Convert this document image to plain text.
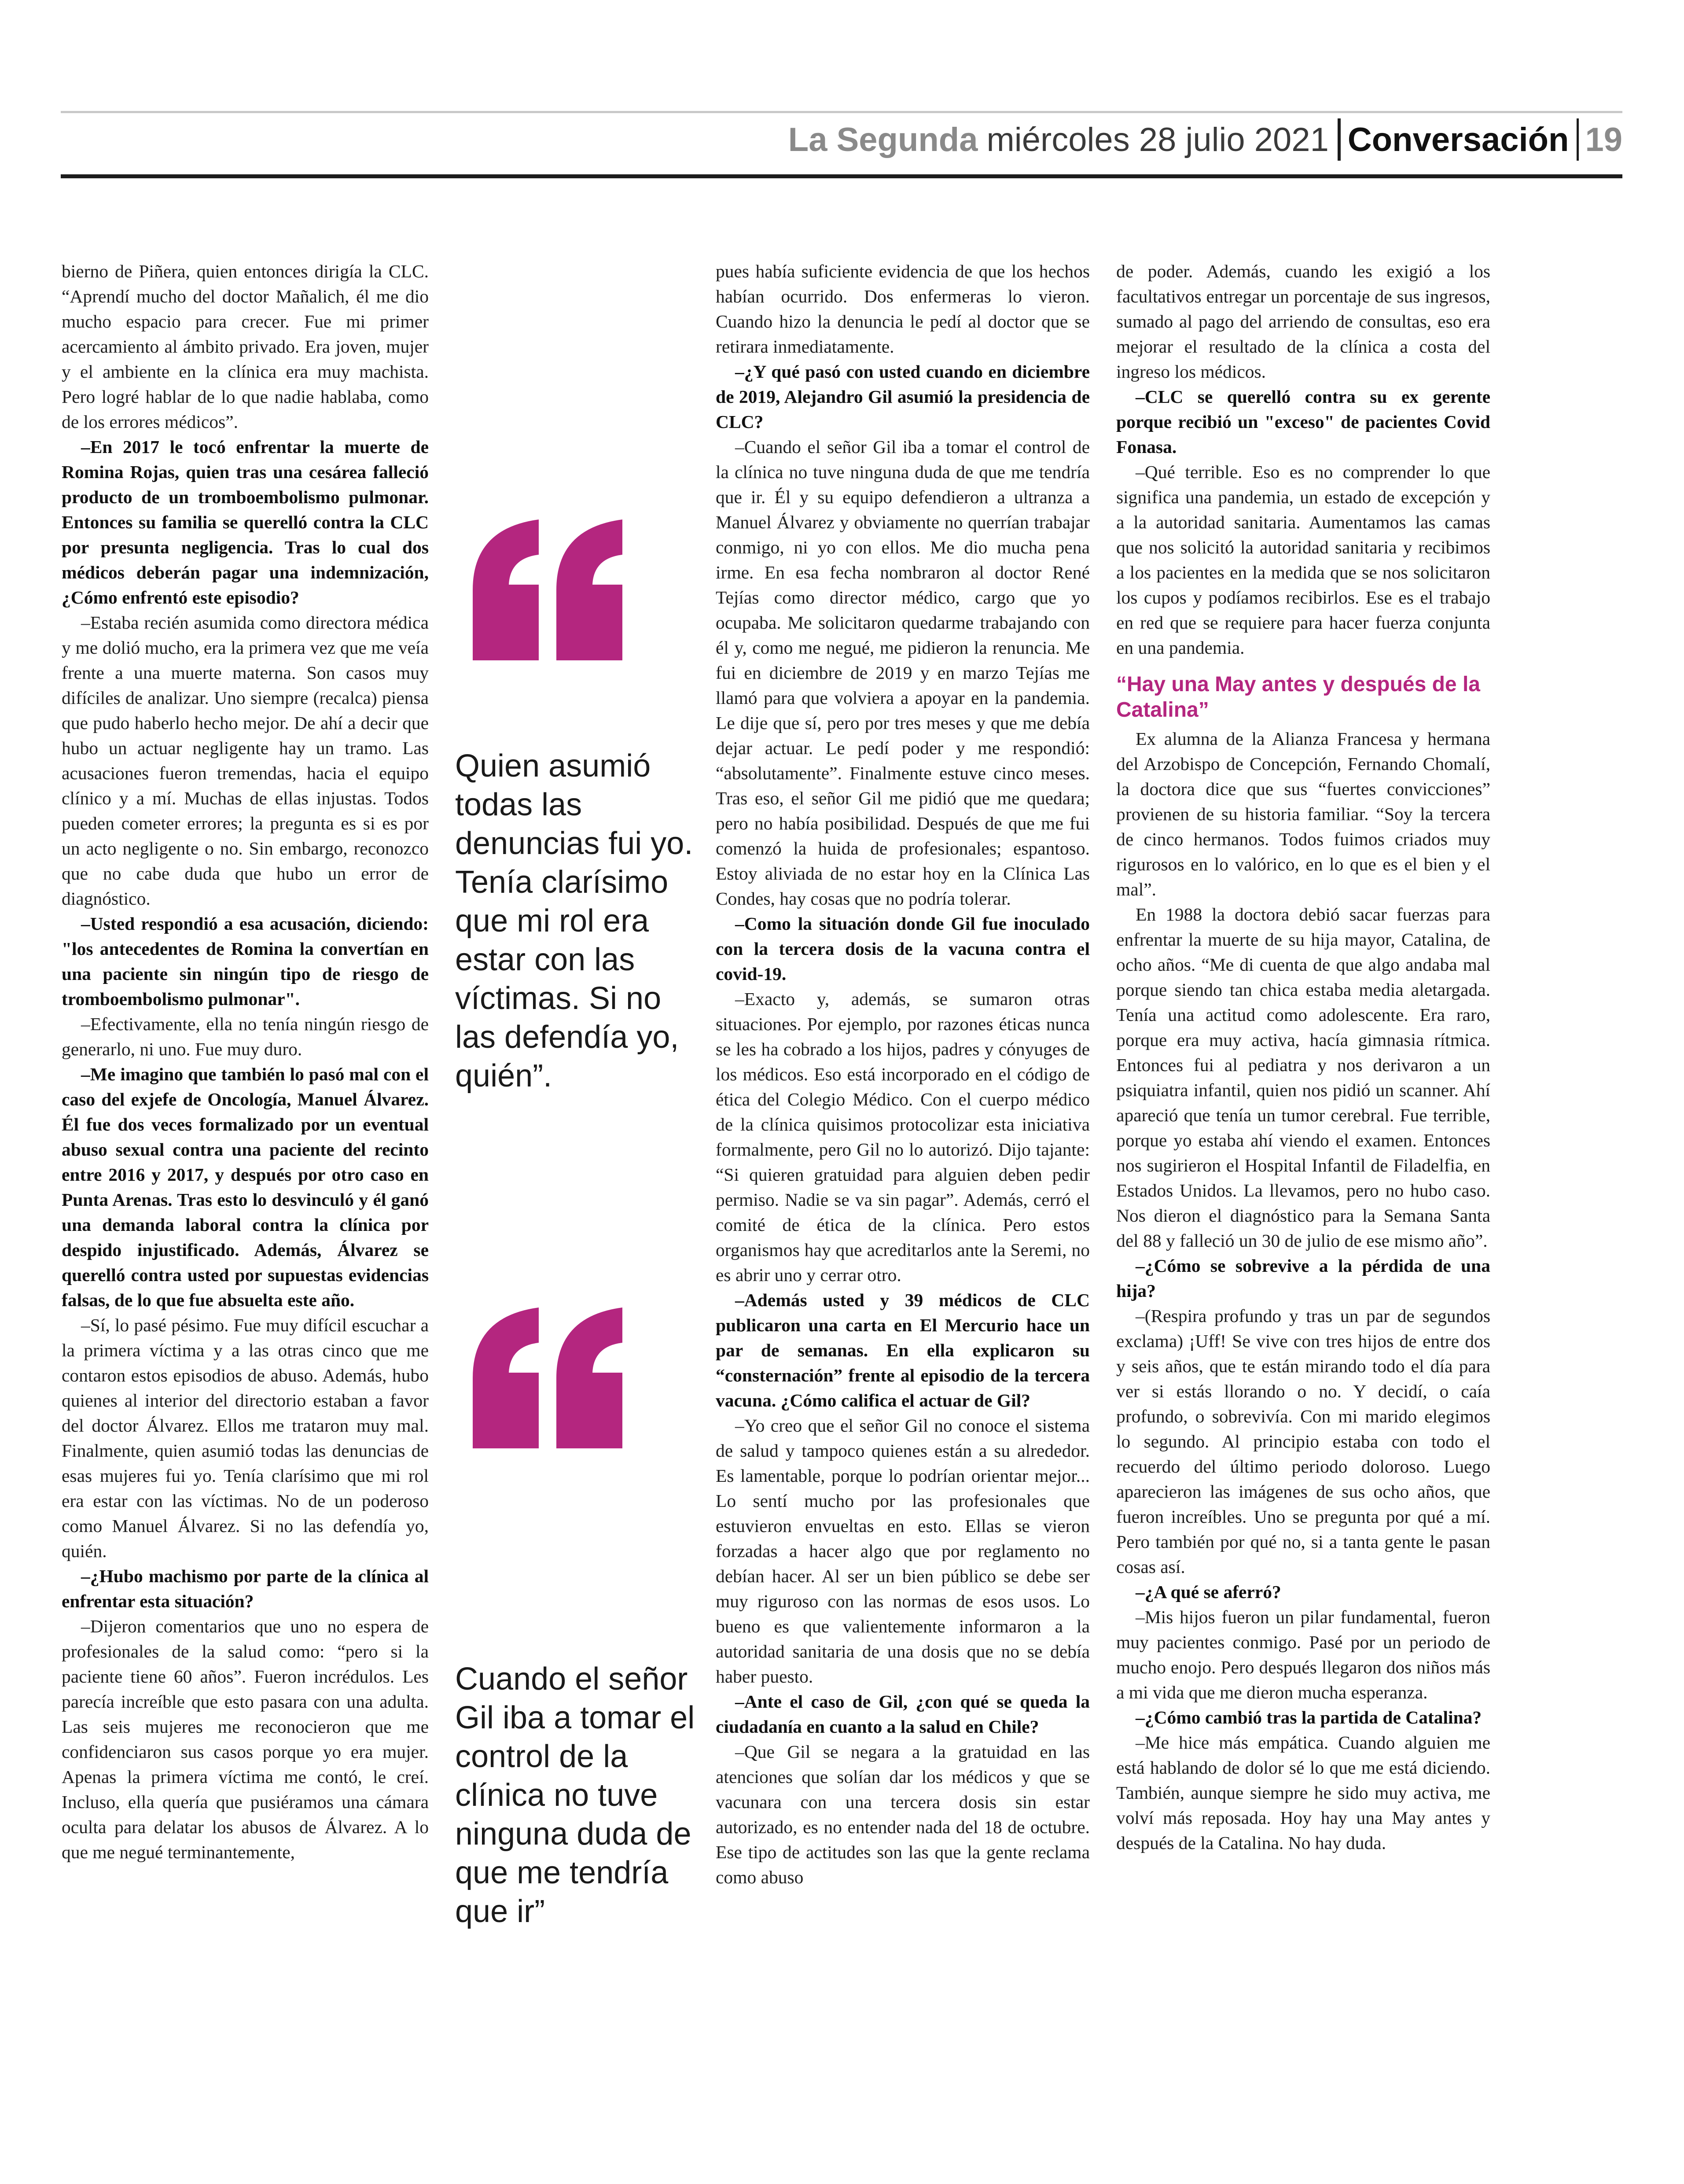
La Segunda miércoles 28 julio 2021 Conversación 19

bierno de Piñera, quien entonces dirigía la CLC. “Aprendí mucho del doctor Mañalich, él me dio mucho espacio para crecer. Fue mi primer acercamiento al ámbito privado. Era joven, mujer y el ambiente en la clínica era muy machista. Pero logré hablar de lo que nadie hablaba, como de los errores médicos”.

–En 2017 le tocó enfrentar la muerte de Romina Rojas, quien tras una cesárea falleció producto de un tromboembolismo pulmonar. Entonces su familia se querelló contra la CLC por presunta negligencia. Tras lo cual dos médicos deberán pagar una indemnización, ¿Cómo enfrentó este episodio?

–Estaba recién asumida como directora médica y me dolió mucho, era la primera vez que me veía frente a una muerte materna. Son casos muy difíciles de analizar. Uno siempre (recalca) piensa que pudo haberlo hecho mejor. De ahí a decir que hubo un actuar negligente hay un tramo. Las acusaciones fueron tremendas, hacia el equipo clínico y a mí. Muchas de ellas injustas. Todos pueden cometer errores; la pregunta es si es por un acto negligente o no. Sin embargo, reconozco que no cabe duda que hubo un error de diagnóstico.

–Usted respondió a esa acusación, diciendo: "los antecedentes de Romina la convertían en una paciente sin ningún tipo de riesgo de tromboembolismo pulmonar".

–Efectivamente, ella no tenía ningún riesgo de generarlo, ni uno. Fue muy duro.

–Me imagino que también lo pasó mal con el caso del exjefe de Oncología, Manuel Álvarez. Él fue dos veces formalizado por un eventual abuso sexual contra una paciente del recinto entre 2016 y 2017, y después por otro caso en Punta Arenas. Tras esto lo desvinculó y él ganó una demanda laboral contra la clínica por despido injustificado. Además, Álvarez se querelló contra usted por supuestas evidencias falsas, de lo que fue absuelta este año.

–Sí, lo pasé pésimo. Fue muy difícil escuchar a la primera víctima y a las otras cinco que me contaron estos episodios de abuso. Además, hubo quienes al interior del directorio estaban a favor del doctor Álvarez. Ellos me trataron muy mal. Finalmente, quien asumió todas las denuncias de esas mujeres fui yo. Tenía clarísimo que mi rol era estar con las víctimas. No de un poderoso como Manuel Álvarez. Si no las defendía yo, quién.

–¿Hubo machismo por parte de la clínica al enfrentar esta situación?

–Dijeron comentarios que uno no espera de profesionales de la salud como: “pero si la paciente tiene 60 años”. Fueron incrédulos. Les parecía increíble que esto pasara con una adulta. Las seis mujeres me reconocieron que me confidenciaron sus casos porque yo era mujer. Apenas la primera víctima me contó, le creí. Incluso, ella quería que pusiéramos una cámara oculta para delatar los abusos de Álvarez. A lo que me negué terminantemente,

Quien asumió todas las denuncias fui yo. Tenía clarísimo que mi rol era estar con las víctimas. Si no las defendía yo, quién”.

Cuando el señor Gil iba a tomar el control de la clínica no tuve ninguna duda de que me tendría que ir”

pues había suficiente evidencia de que los hechos habían ocurrido. Dos enfermeras lo vieron. Cuando hizo la denuncia le pedí al doctor que se retirara inmediatamente.

–¿Y qué pasó con usted cuando en diciembre de 2019, Alejandro Gil asumió la presidencia de CLC?

–Cuando el señor Gil iba a tomar el control de la clínica no tuve ninguna duda de que me tendría que ir. Él y su equipo defendieron a ultranza a Manuel Álvarez y obviamente no querrían trabajar conmigo, ni yo con ellos. Me dio mucha pena irme. En esa fecha nombraron al doctor René Tejías como director médico, cargo que yo ocupaba. Me solicitaron quedarme trabajando con él y, como me negué, me pidieron la renuncia. Me fui en diciembre de 2019 y en marzo Tejías me llamó para que volviera a apoyar en la pandemia. Le dije que sí, pero por tres meses y que me debía dejar actuar. Le pedí poder y me respondió: “absolutamente”. Finalmente estuve cinco meses. Tras eso, el señor Gil me pidió que me quedara; pero no había posibilidad. Después de que me fui comenzó la huida de profesionales; espantoso. Estoy aliviada de no estar hoy en la Clínica Las Condes, hay cosas que no podría tolerar.

–Como la situación donde Gil fue inoculado con la tercera dosis de la vacuna contra el covid-19.

–Exacto y, además, se sumaron otras situaciones. Por ejemplo, por razones éticas nunca se les ha cobrado a los hijos, padres y cónyuges de los médicos. Eso está incorporado en el código de ética del Colegio Médico. Con el cuerpo médico de la clínica quisimos protocolizar esta iniciativa formalmente, pero Gil no lo autorizó. Dijo tajante: “Si quieren gratuidad para alguien deben pedir permiso. Nadie se va sin pagar”. Además, cerró el comité de ética de la clínica. Pero estos organismos hay que acreditarlos ante la Seremi, no es abrir uno y cerrar otro.

–Además usted y 39 médicos de CLC publicaron una carta en El Mercurio hace un par de semanas. En ella explicaron su “consternación” frente al episodio de la tercera vacuna. ¿Cómo califica el actuar de Gil?

–Yo creo que el señor Gil no conoce el sistema de salud y tampoco quienes están a su alrededor. Es lamentable, porque lo podrían orientar mejor... Lo sentí mucho por las profesionales que estuvieron envueltas en esto. Ellas se vieron forzadas a hacer algo que por reglamento no debían hacer. Al ser un bien público se debe ser muy riguroso con las normas de esos usos. Lo bueno es que valientemente informaron a la autoridad sanitaria de una dosis que no se debía haber puesto.

–Ante el caso de Gil, ¿con qué se queda la ciudadanía en cuanto a la salud en Chile?

–Que Gil se negara a la gratuidad en las atenciones que solían dar los médicos y que se vacunara con una tercera dosis sin estar autorizado, es no entender nada del 18 de octubre. Ese tipo de actitudes son las que la gente reclama como abuso

de poder. Además, cuando les exigió a los facultativos entregar un porcentaje de sus ingresos, sumado al pago del arriendo de consultas, eso era mejorar el resultado de la clínica a costa del ingreso los médicos.

–CLC se querelló contra su ex gerente porque recibió un "exceso" de pacientes Covid Fonasa.

–Qué terrible. Eso es no comprender lo que significa una pandemia, un estado de excepción y a la autoridad sanitaria. Aumentamos las camas que nos solicitó la autoridad sanitaria y recibimos a los pacientes en la medida que se nos solicitaron los cupos y podíamos recibirlos. Ese es el trabajo en red que se requiere para hacer fuerza conjunta en una pandemia.

“Hay una May antes y después de la Catalina”

Ex alumna de la Alianza Francesa y hermana del Arzobispo de Concepción, Fernando Chomalí, la doctora dice que sus “fuertes convicciones” provienen de su historia familiar. “Soy la tercera de cinco hermanos. Todos fuimos criados muy rigurosos en lo valórico, en lo que es el bien y el mal”.

En 1988 la doctora debió sacar fuerzas para enfrentar la muerte de su hija mayor, Catalina, de ocho años. “Me di cuenta de que algo andaba mal porque siendo tan chica estaba media aletargada. Tenía una actitud como adolescente. Era raro, porque era muy activa, hacía gimnasia rítmica. Entonces fui al pediatra y nos derivaron a un psiquiatra infantil, quien nos pidió un scanner. Ahí apareció que tenía un tumor cerebral. Fue terrible, porque yo estaba ahí viendo el examen. Entonces nos sugirieron el Hospital Infantil de Filadelfia, en Estados Unidos. La llevamos, pero no hubo caso. Nos dieron el diagnóstico para la Semana Santa del 88 y falleció un 30 de julio de ese mismo año”.

–¿Cómo se sobrevive a la pérdida de una hija?

–(Respira profundo y tras un par de segundos exclama) ¡Uff! Se vive con tres hijos de entre dos y seis años, que te están mirando todo el día para ver si estás llorando o no. Y decidí, o caía profundo, o sobrevivía. Con mi marido elegimos lo segundo. Al principio estaba con todo el recuerdo del último periodo doloroso. Luego aparecieron las imágenes de sus ocho años, que fueron increíbles. Uno se pregunta por qué a mí. Pero también por qué no, si a tanta gente le pasan cosas así.

–¿A qué se aferró?

–Mis hijos fueron un pilar fundamental, fueron muy pacientes conmigo. Pasé por un periodo de mucho enojo. Pero después llegaron dos niños más a mi vida que me dieron mucha esperanza.

–¿Cómo cambió tras la partida de Catalina?

–Me hice más empática. Cuando alguien me está hablando de dolor sé lo que me está diciendo. También, aunque siempre he sido muy activa, me volví más reposada. Hoy hay una May antes y después de la Catalina. No hay duda.
